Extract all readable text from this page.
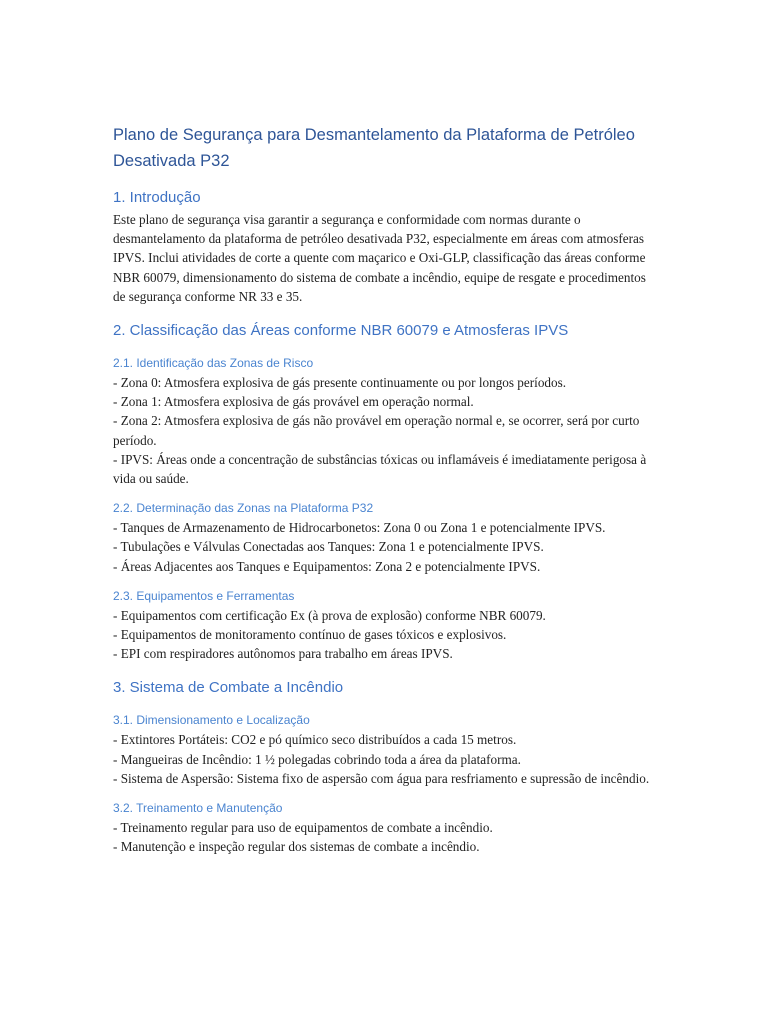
Plano de Segurança para Desmantelamento da Plataforma de Petróleo Desativada P32
1. Introdução

Este plano de segurança visa garantir a segurança e conformidade com normas durante o desmantelamento da plataforma de petróleo desativada P32, especialmente em áreas com atmosferas IPVS. Inclui atividades de corte a quente com maçarico e Oxi-GLP, classificação das áreas conforme NBR 60079, dimensionamento do sistema de combate a incêndio, equipe de resgate e procedimentos de segurança conforme NR 33 e 35.

2. Classificação das Áreas conforme NBR 60079 e Atmosferas IPVS
2.1. Identificação das Zonas de Risco

- Zona 0: Atmosfera explosiva de gás presente continuamente ou por longos períodos.

- Zona 1: Atmosfera explosiva de gás provável em operação normal.

- Zona 2: Atmosfera explosiva de gás não provável em operação normal e, se ocorrer, será por curto período.

- IPVS: Áreas onde a concentração de substâncias tóxicas ou inflamáveis é imediatamente perigosa à vida ou saúde.

2.2. Determinação das Zonas na Plataforma P32

- Tanques de Armazenamento de Hidrocarbonetos: Zona 0 ou Zona 1 e potencialmente IPVS.

- Tubulações e Válvulas Conectadas aos Tanques: Zona 1 e potencialmente IPVS.

- Áreas Adjacentes aos Tanques e Equipamentos: Zona 2 e potencialmente IPVS.

2.3. Equipamentos e Ferramentas

- Equipamentos com certificação Ex (à prova de explosão) conforme NBR 60079.

- Equipamentos de monitoramento contínuo de gases tóxicos e explosivos.

- EPI com respiradores autônomos para trabalho em áreas IPVS.

3. Sistema de Combate a Incêndio
3.1. Dimensionamento e Localização

- Extintores Portáteis: CO2 e pó químico seco distribuídos a cada 15 metros.

- Mangueiras de Incêndio: 1 ½ polegadas cobrindo toda a área da plataforma.

- Sistema de Aspersão: Sistema fixo de aspersão com água para resfriamento e supressão de incêndio.

3.2. Treinamento e Manutenção

- Treinamento regular para uso de equipamentos de combate a incêndio.

- Manutenção e inspeção regular dos sistemas de combate a incêndio.
